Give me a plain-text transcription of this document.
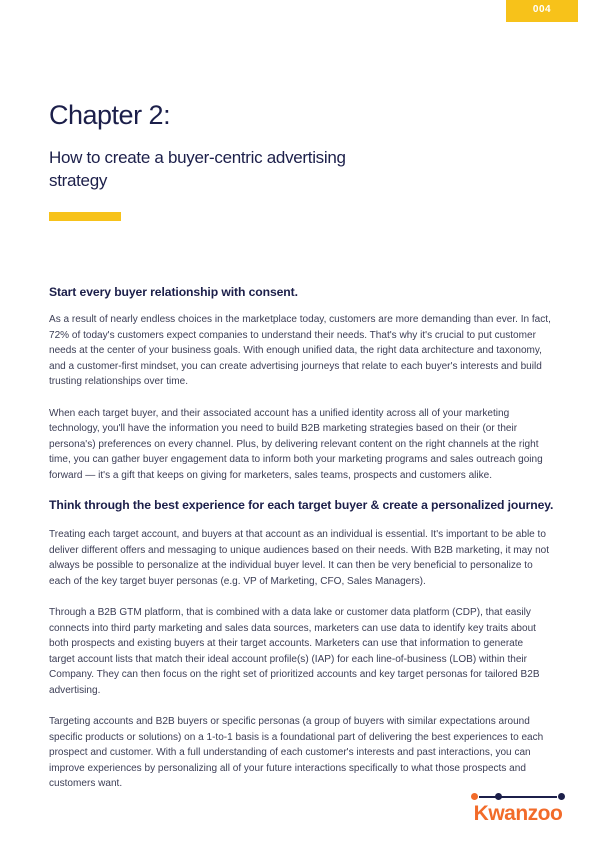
004
Chapter 2:
How to create a buyer-centric advertising strategy
Start every buyer relationship with consent.

As a result of nearly endless choices in the marketplace today, customers are more demanding than ever. In fact, 72% of today's customers expect companies to understand their needs. That's why it's crucial to put customer needs at the center of your business goals. With enough unified data, the right data architecture and taxonomy, and a customer-first mindset, you can create advertising journeys that relate to each buyer's interests and build trusting relationships over time.

When each target buyer, and their associated account has a unified identity across all of your marketing technology, you'll have the information you need to build B2B marketing strategies based on their (or their persona's) preferences on every channel. Plus, by delivering relevant content on the right channels at the right time, you can gather buyer engagement data to inform both your marketing programs and sales outreach going forward — it's a gift that keeps on giving for marketers, sales teams, prospects and customers alike.

Think through the best experience for each target buyer & create a personalized journey.

Treating each target account, and buyers at that account as an individual is essential. It's important to be able to deliver different offers and messaging to unique audiences based on their needs. With B2B marketing, it may not always be possible to personalize at the individual buyer level. It can then be very beneficial to personalize to each of the key target buyer personas (e.g. VP of Marketing, CFO, Sales Managers).

Through a B2B GTM platform, that is combined with a data lake or customer data platform (CDP), that easily connects into third party marketing and sales data sources, marketers can use data to identify key traits about both prospects and existing buyers at their target accounts. Marketers can use that information to generate target account lists that match their ideal account profile(s) (IAP) for each line-of-business (LOB) within their Company. They can then focus on the right set of prioritized accounts and key target personas for tailored B2B advertising.

Targeting accounts and B2B buyers or specific personas (a group of buyers with similar expectations around specific products or solutions) on a 1-to-1 basis is a foundational part of delivering the best experiences to each prospect and customer. With a full understanding of each customer's interests and past interactions, you can improve experiences by personalizing all of your future interactions specifically to what those prospects and customers want.

Kwanzoo
